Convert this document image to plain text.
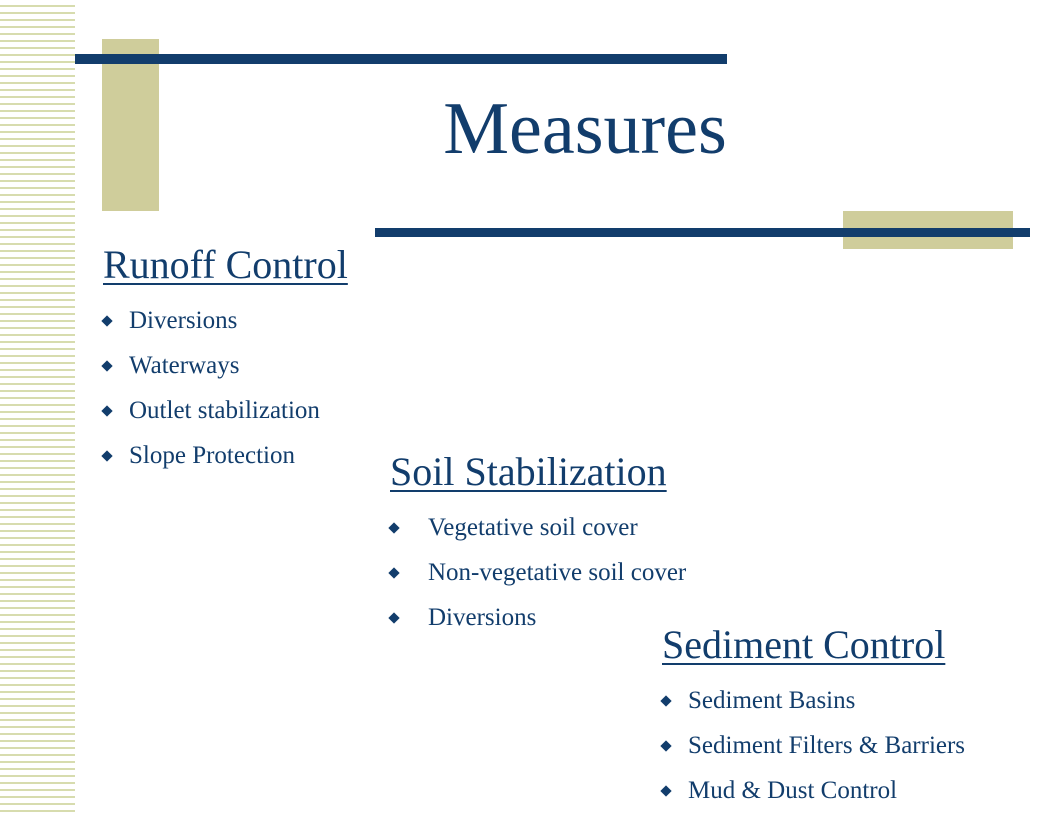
Measures
Runoff Control
Diversions
Waterways
Outlet stabilization
Slope Protection Soil Stabilization
Vegetative soil cover
Non-vegetative soil cover
Diversions
Sediment Control
Sediment Basins
Sediment Filters & Barriers
Mud & Dust Control
